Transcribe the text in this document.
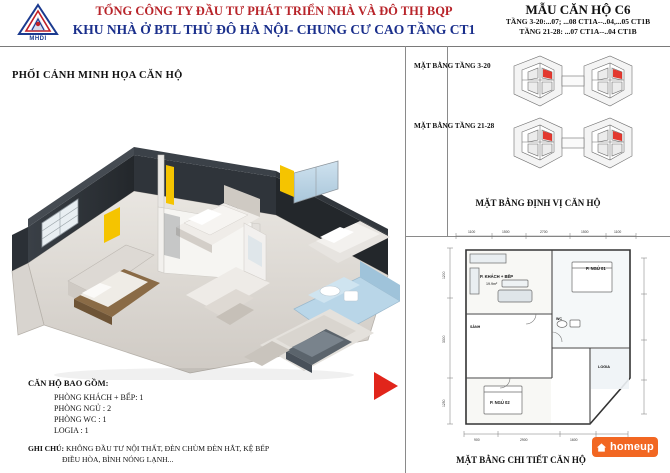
MHDI
TỔNG CÔNG TY ĐẦU TƯ PHÁT TRIỂN NHÀ VÀ ĐÔ THỊ BQP
KHU NHÀ Ở BTL THỦ ĐÔ HÀ NỘI- CHUNG CƯ CAO TẦNG CT1
MẪU CĂN HỘ C6
TẦNG 3-20:...07; ...08 CT1A--..04,...05 CT1B
TẦNG 21-28: ...07 CT1A--..04 CT1B
PHỐI CẢNH MINH HỌA CĂN HỘ
CĂN HỘ BAO GỒM:
PHÒNG KHÁCH + BẾP: 1
PHÒNG NGỦ : 2
PHÒNG WC : 1
LOGIA : 1
GHI CHÚ: KHÔNG ĐẦU TƯ NỘI THẤT, ĐÈN CHÙM ĐÈN HẮT, KỆ BẾP
ĐIỀU HÒA, BÌNH NÓNG LẠNH...
MẶT BẰNG TẦNG 3-20
MẶT BẰNG TẦNG 21-28
MẶT BẰNG ĐỊNH VỊ CĂN HỘ
1100	1500	2700	1500	1100
1200
3300
1250
900	2900	1600
P. KHÁCH + BẾP
19.9m²
P. NGỦ 01
P. NGỦ 02
WC
LOGIA
SẢNH
MẶT BẰNG CHI TIẾT CĂN HỘ
homeup
